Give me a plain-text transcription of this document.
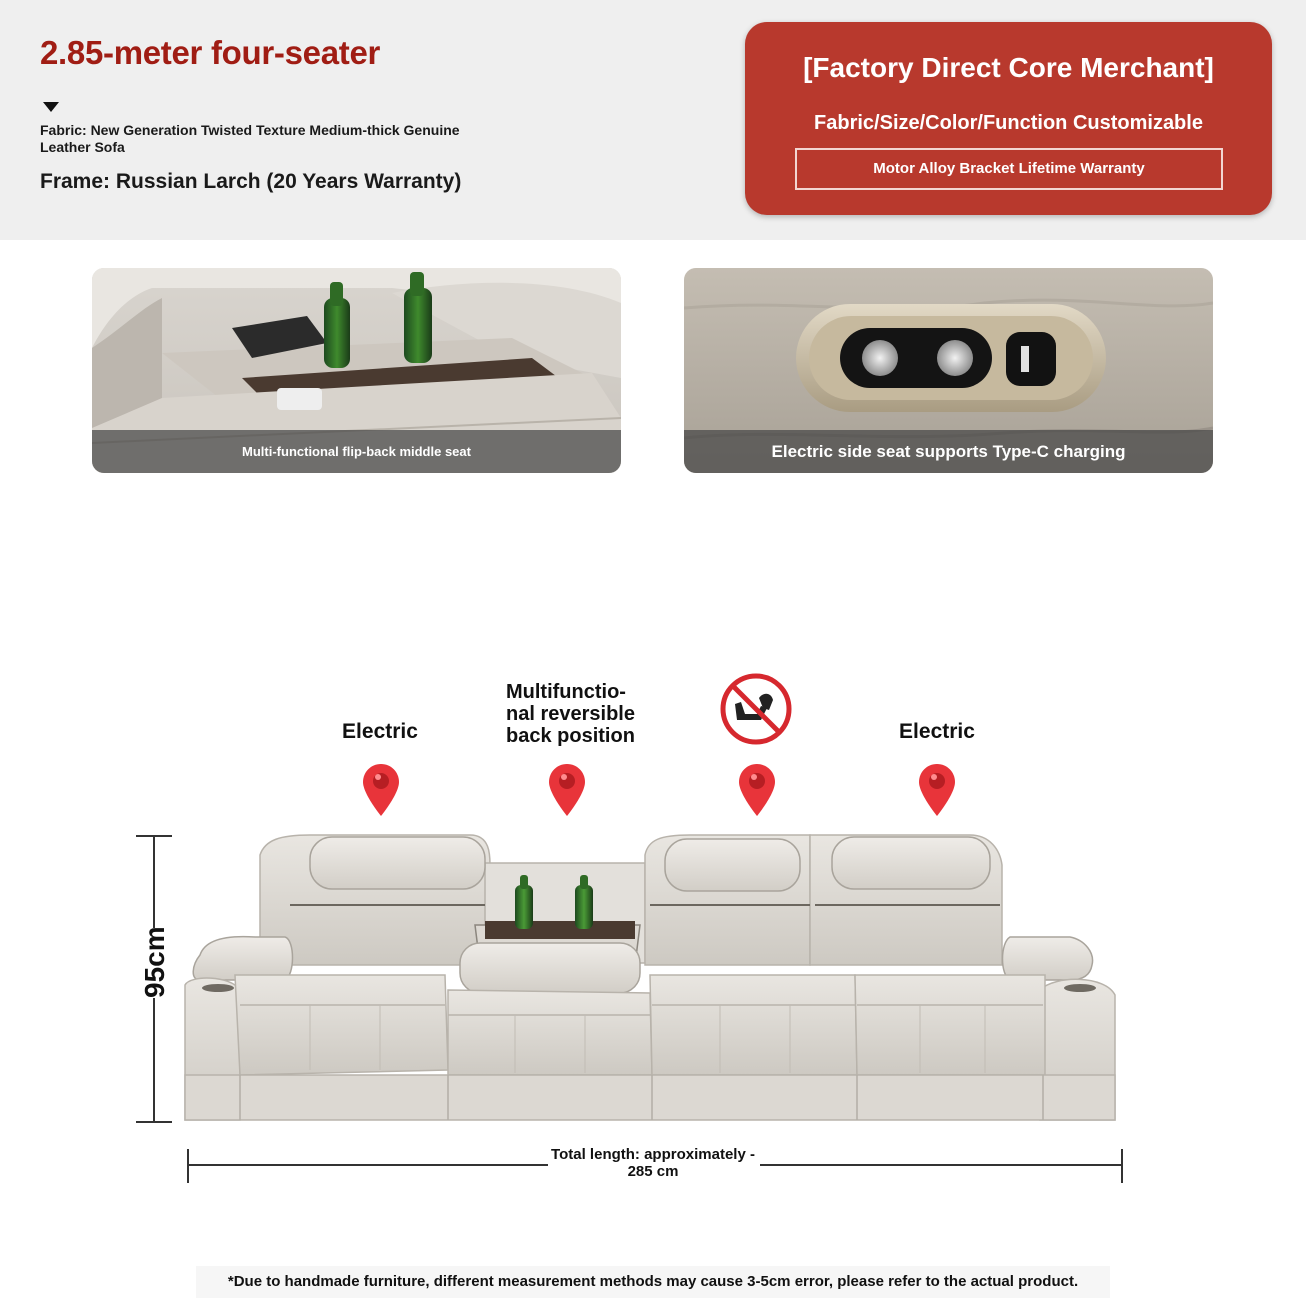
2.85-meter four-seater
Fabric: New Generation Twisted Texture Medium-thick Genuine Leather Sofa
Frame: Russian Larch (20 Years Warranty)
[Factory Direct Core Merchant]
Fabric/Size/Color/Function Customizable
Motor Alloy Bracket Lifetime Warranty
Multi-functional flip-back middle seat	Electric side seat supports Type-C charging
Electric
Multifunctio-
nal reversible
back position	Electric
95cm
Total length: approximately -
285 cm
*Due to handmade furniture, different measurement methods may cause 3-5cm error, please refer to the actual product.
